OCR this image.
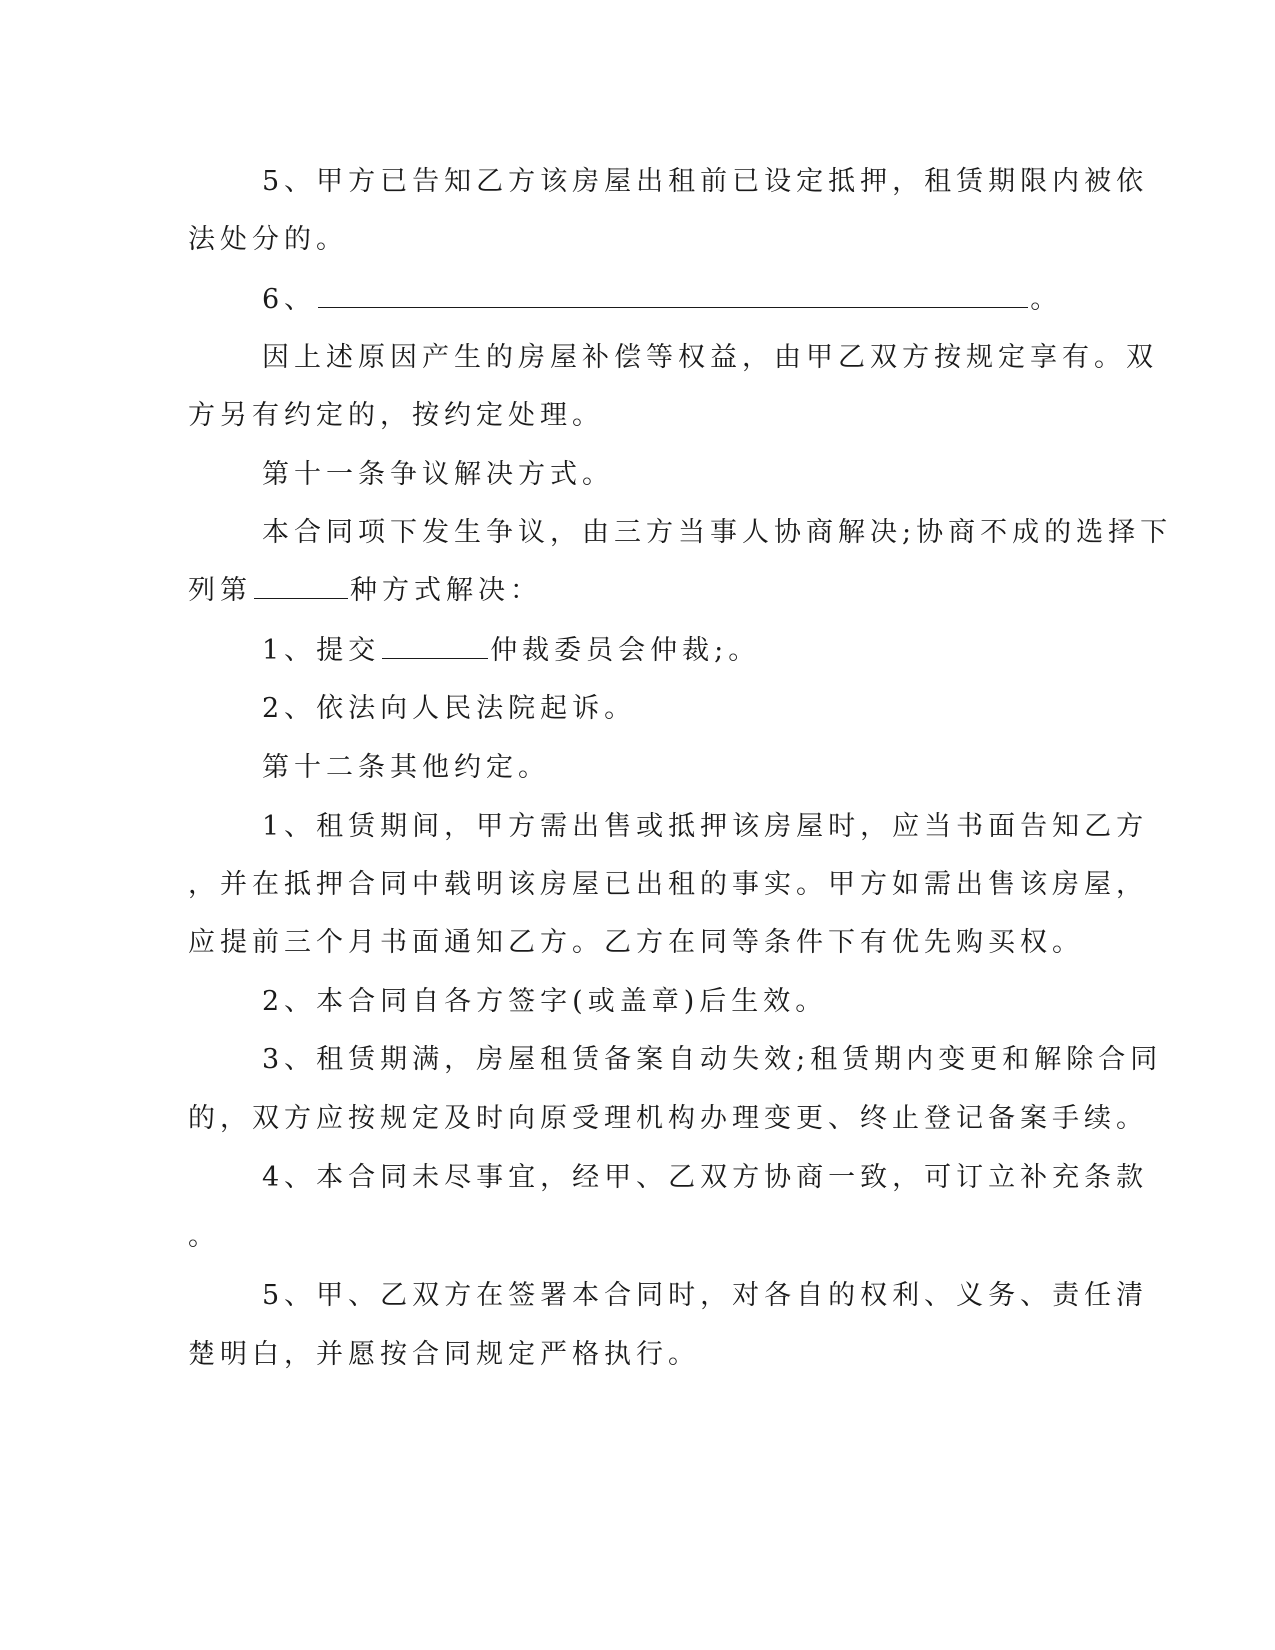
5、甲方已告知乙方该房屋出租前已设定抵押，租赁期限内被依
法处分的。
6、	。
因上述原因产生的房屋补偿等权益，由甲乙双方按规定享有。双
方另有约定的，按约定处理。
第十一条争议解决方式。
本合同项下发生争议，由三方当事人协商解决;协商不成的选择下
列第	种方式解决：
1、提交	仲裁委员会仲裁;。
2、依法向人民法院起诉。
第十二条其他约定。
1、租赁期间，甲方需出售或抵押该房屋时，应当书面告知乙方
，并在抵押合同中载明该房屋已出租的事实。甲方如需出售该房屋，
应提前三个月书面通知乙方。乙方在同等条件下有优先购买权。
2、本合同自各方签字(或盖章)后生效。
3、租赁期满，房屋租赁备案自动失效;租赁期内变更和解除合同
的，双方应按规定及时向原受理机构办理变更、终止登记备案手续。
4、本合同未尽事宜，经甲、乙双方协商一致，可订立补充条款
。
5、甲、乙双方在签署本合同时，对各自的权利、义务、责任清
楚明白，并愿按合同规定严格执行。
